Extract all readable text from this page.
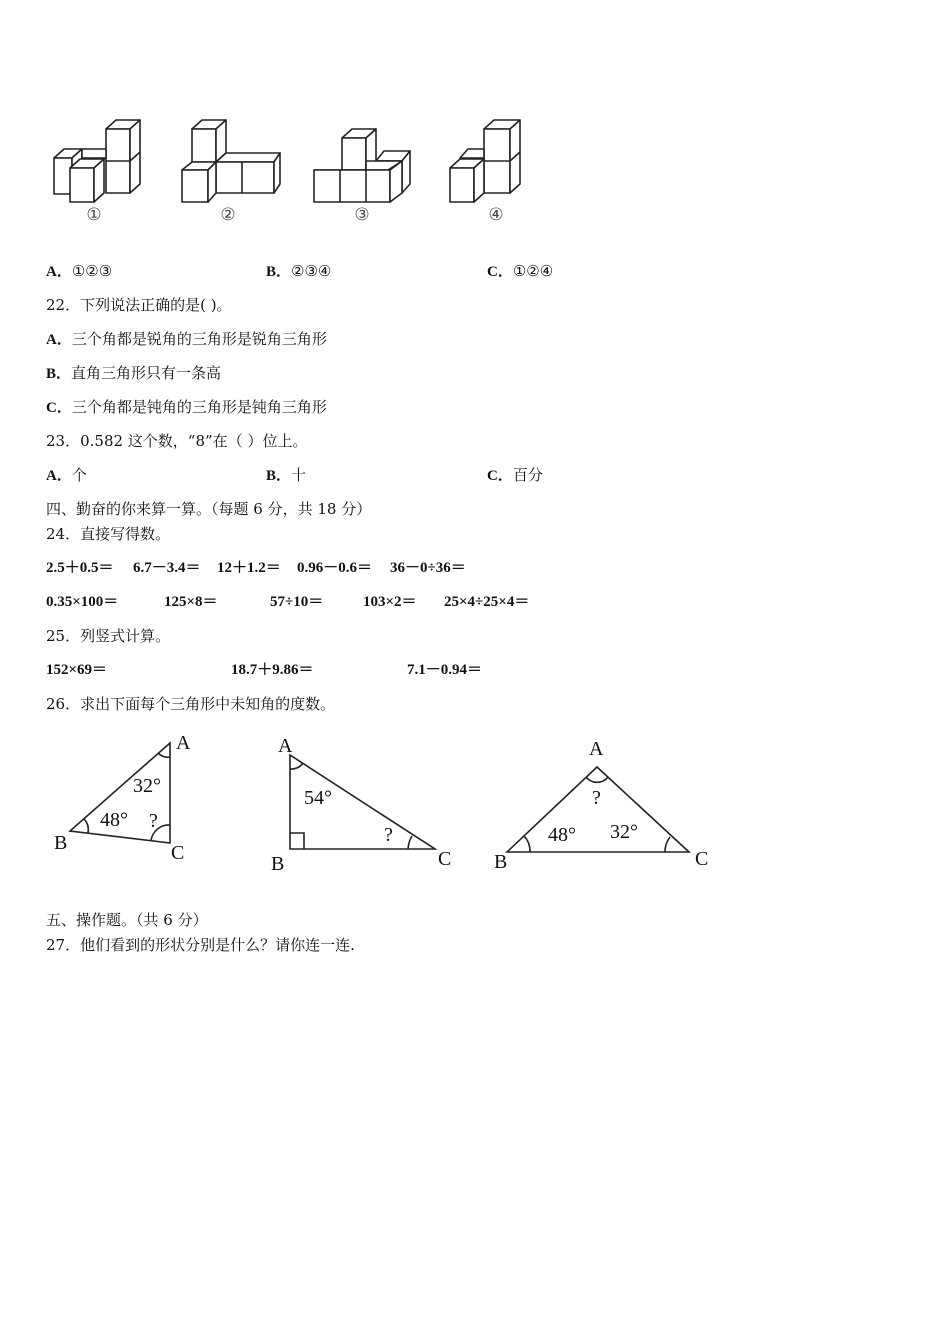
①	②	③	④
A．①②③	B．②③④	C．①②④
22．下列说法正确的是( )。
A．三个角都是锐角的三角形是锐角三角形
B．直角三角形只有一条高
C．三个角都是钝角的三角形是钝角三角形
23．0.582 这个数，“8”在（ ）位上。
A．个	B．十	C．百分
四、勤奋的你来算一算。（每题 6 分，共 18 分）
24．直接写得数。
2.5＋0.5＝ 6.7－3.4＝ 12＋1.2＝ 0.96－0.6＝ 36－0÷36＝
0.35×100＝	125×8＝	57÷10＝	103×2＝ 25×4÷25×4＝
25．列竖式计算。
152×69＝	18.7＋9.86＝	7.1－0.94＝
26．求出下面每个三角形中未知角的度数。
A
B	C
32°
48° ?
A
B	C
54°
?
A
B	C
?
48° 32°
五、操作题。（共 6 分）
27．他们看到的形状分别是什么？请你连一连.
